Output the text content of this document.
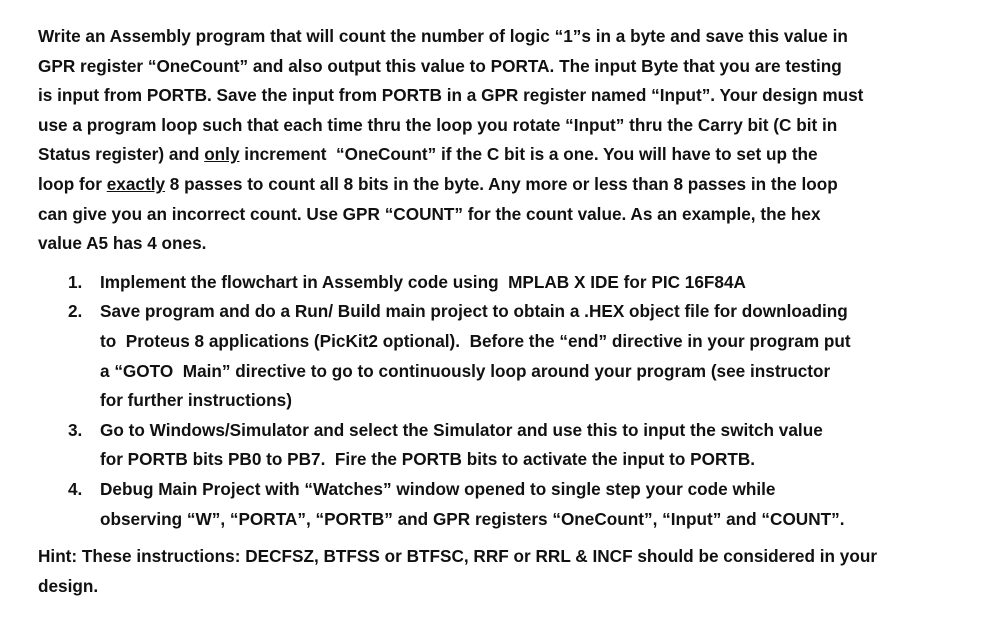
Write an Assembly program that will count the number of logic “1”s in a byte and save this value in
GPR register “OneCount” and also output this value to PORTA. The input Byte that you are testing
is input from PORTB. Save the input from PORTB in a GPR register named “Input”. Your design must
use a program loop such that each time thru the loop you rotate “Input” thru the Carry bit (C bit in
Status register) and only increment  “OneCount” if the C bit is a one. You will have to set up the
loop for exactly 8 passes to count all 8 bits in the byte. Any more or less than 8 passes in the loop
can give you an incorrect count. Use GPR “COUNT” for the count value. As an example, the hex
value A5 has 4 ones.

1. Implement the flowchart in Assembly code using  MPLAB X IDE for PIC 16F84A
2. Save program and do a Run/ Build main project to obtain a .HEX object file for downloading
to  Proteus 8 applications (PicKit2 optional).  Before the “end” directive in your program put
a “GOTO  Main” directive to go to continuously loop around your program (see instructor
for further instructions)
3. Go to Windows/Simulator and select the Simulator and use this to input the switch value
for PORTB bits PB0 to PB7.  Fire the PORTB bits to activate the input to PORTB.
4. Debug Main Project with “Watches” window opened to single step your code while
observing “W”, “PORTA”, “PORTB” and GPR registers “OneCount”, “Input” and “COUNT”.

Hint: These instructions: DECFSZ, BTFSS or BTFSC, RRF or RRL & INCF should be considered in your
design.
